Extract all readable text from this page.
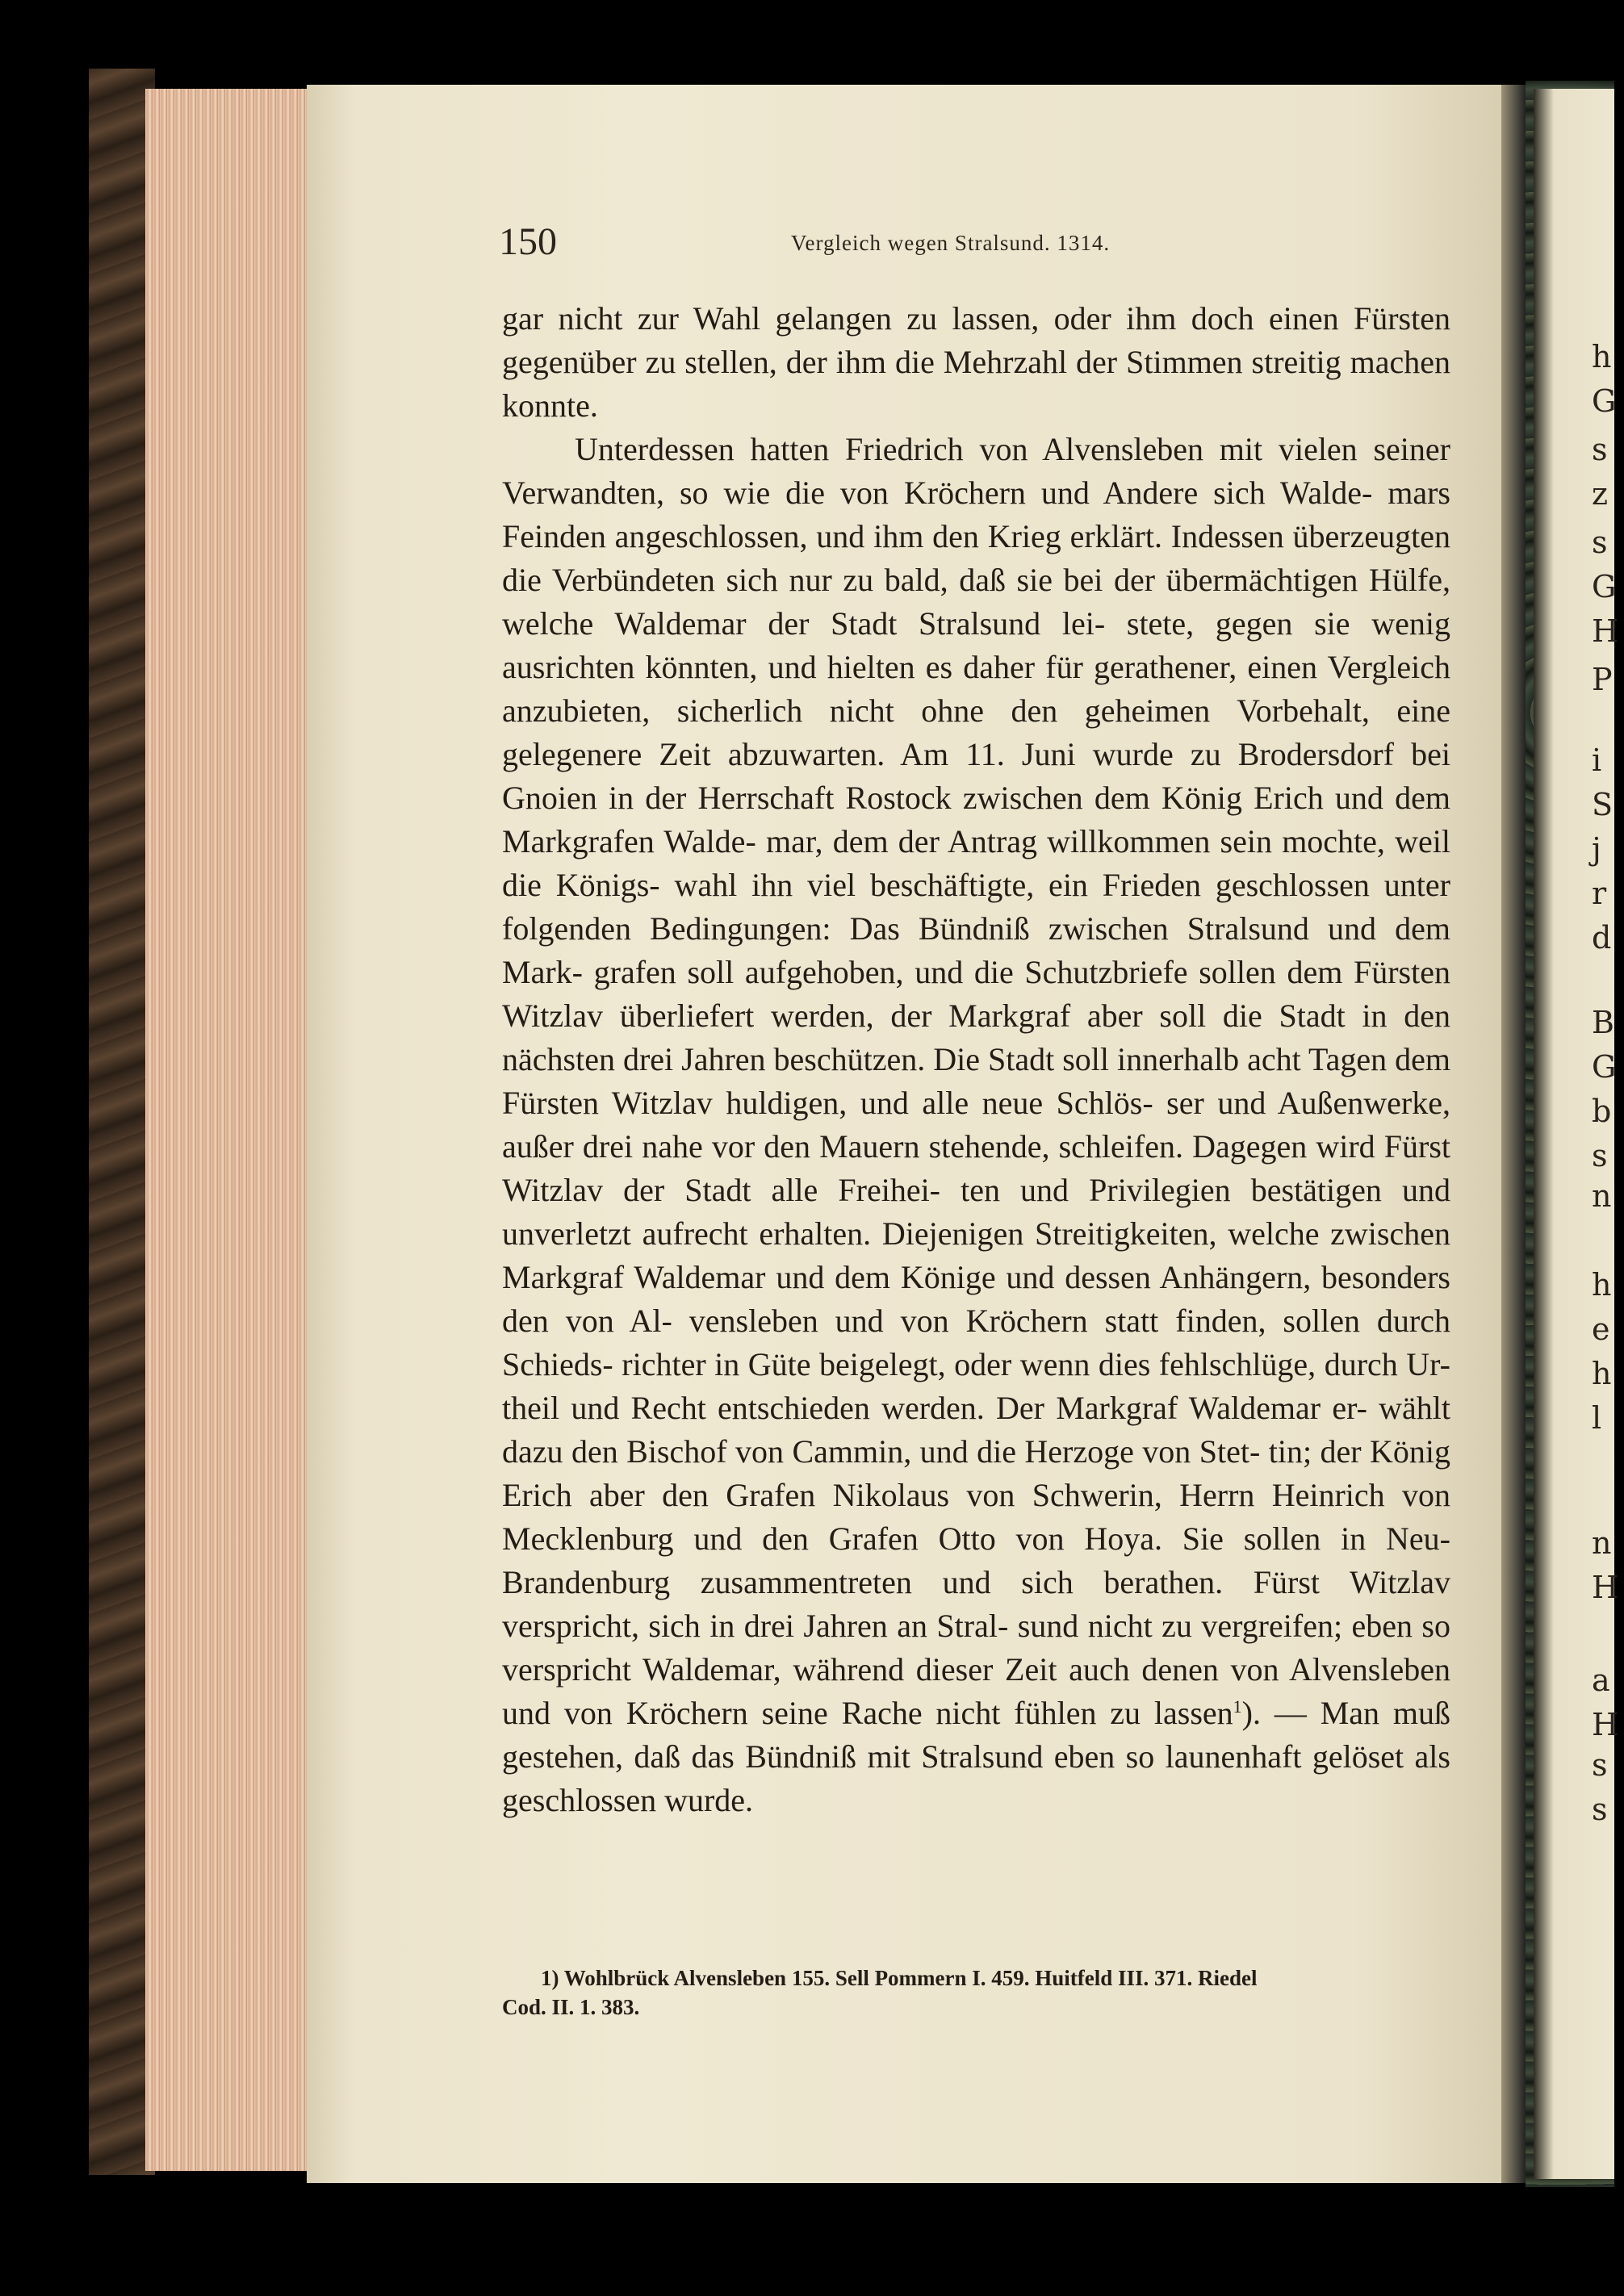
h
G
s
z
s
G
H
P
i
S
j
r
d
B
G
b
s
n
h
e
h
l
n
H
a
H
s
s
150	Vergleich wegen Stralsund. 1314.

gar nicht zur Wahl gelangen zu lassen, oder ihm doch einen Fürsten gegenüber zu stellen, der ihm die Mehrzahl der Stimmen streitig machen konnte.

Unterdessen hatten Friedrich von Alvensleben mit vielen seiner Verwandten, so wie die von Kröchern und Andere sich Walde- mars Feinden angeschlossen, und ihm den Krieg erklärt. Indessen überzeugten die Verbündeten sich nur zu bald, daß sie bei der übermächtigen Hülfe, welche Waldemar der Stadt Stralsund lei- stete, gegen sie wenig ausrichten könnten, und hielten es daher für gerathener, einen Vergleich anzubieten, sicherlich nicht ohne den geheimen Vorbehalt, eine gelegenere Zeit abzuwarten. Am 11. Juni wurde zu Brodersdorf bei Gnoien in der Herrschaft Rostock zwischen dem König Erich und dem Markgrafen Walde- mar, dem der Antrag willkommen sein mochte, weil die Königs- wahl ihn viel beschäftigte, ein Frieden geschlossen unter folgenden Bedingungen: Das Bündniß zwischen Stralsund und dem Mark- grafen soll aufgehoben, und die Schutzbriefe sollen dem Fürsten Witzlav überliefert werden, der Markgraf aber soll die Stadt in den nächsten drei Jahren beschützen. Die Stadt soll innerhalb acht Tagen dem Fürsten Witzlav huldigen, und alle neue Schlös- ser und Außenwerke, außer drei nahe vor den Mauern stehende, schleifen. Dagegen wird Fürst Witzlav der Stadt alle Freihei- ten und Privilegien bestätigen und unverletzt aufrecht erhalten. Diejenigen Streitigkeiten, welche zwischen Markgraf Waldemar und dem Könige und dessen Anhängern, besonders den von Al- vensleben und von Kröchern statt finden, sollen durch Schieds- richter in Güte beigelegt, oder wenn dies fehlschlüge, durch Ur- theil und Recht entschieden werden. Der Markgraf Waldemar er- wählt dazu den Bischof von Cammin, und die Herzoge von Stet- tin; der König Erich aber den Grafen Nikolaus von Schwerin, Herrn Heinrich von Mecklenburg und den Grafen Otto von Hoya. Sie sollen in Neu-Brandenburg zusammentreten und sich berathen. Fürst Witzlav verspricht, sich in drei Jahren an Stral- sund nicht zu vergreifen; eben so verspricht Waldemar, während dieser Zeit auch denen von Alvensleben und von Kröchern seine Rache nicht fühlen zu lassen$^1$). — Man muß gestehen, daß das Bündniß mit Stralsund eben so launenhaft gelöset als geschlossen wurde.

1) Wohlbrück Alvensleben 155. Sell Pommern I. 459. Huitfeld III. 371. Riedel
Cod. II. 1. 383.
